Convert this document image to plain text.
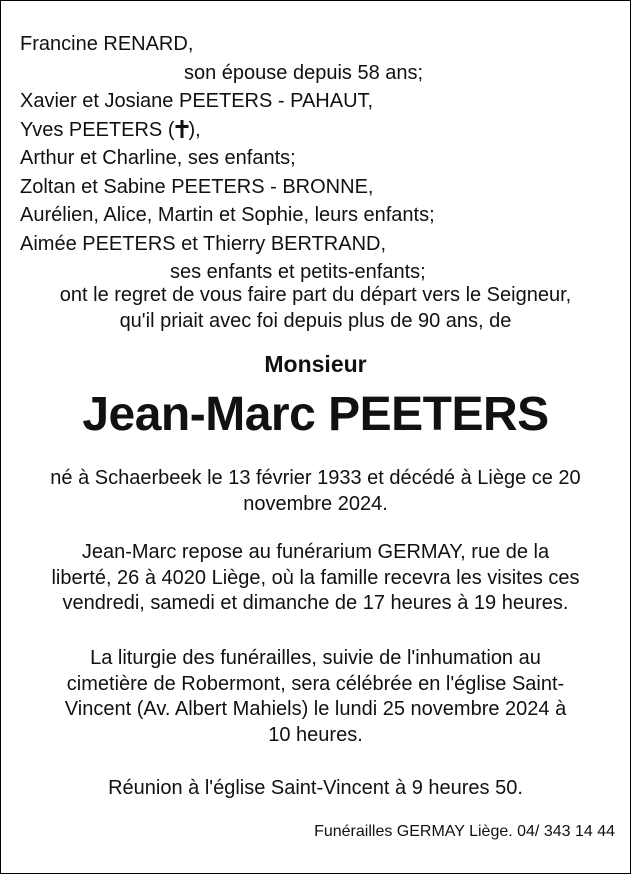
Francine RENARD,
son épouse depuis 58 ans;
Xavier et Josiane PEETERS - PAHAUT,
Yves PEETERS ( ),
Arthur et Charline, ses enfants;
Zoltan et Sabine PEETERS - BRONNE,
Aurélien, Alice, Martin et Sophie, leurs enfants;
Aimée PEETERS et Thierry BERTRAND,
ses enfants et petits-enfants;
ont le regret de vous faire part du départ vers le Seigneur,
qu'il priait avec foi depuis plus de 90 ans, de
Monsieur
Jean-Marc PEETERS
né à Schaerbeek le 13 février 1933 et décédé à Liège ce 20
novembre 2024.
Jean-Marc repose au funérarium GERMAY, rue de la
liberté, 26 à 4020 Liège, où la famille recevra les visites ces
vendredi, samedi et dimanche de 17 heures à 19 heures.
La liturgie des funérailles, suivie de l'inhumation au
cimetière de Robermont, sera célébrée en l'église Saint-
Vincent (Av. Albert Mahiels) le lundi 25 novembre 2024 à
10 heures.
Réunion à l'église Saint-Vincent à 9 heures 50.
Funérailles GERMAY Liège. 04/ 343 14 44
